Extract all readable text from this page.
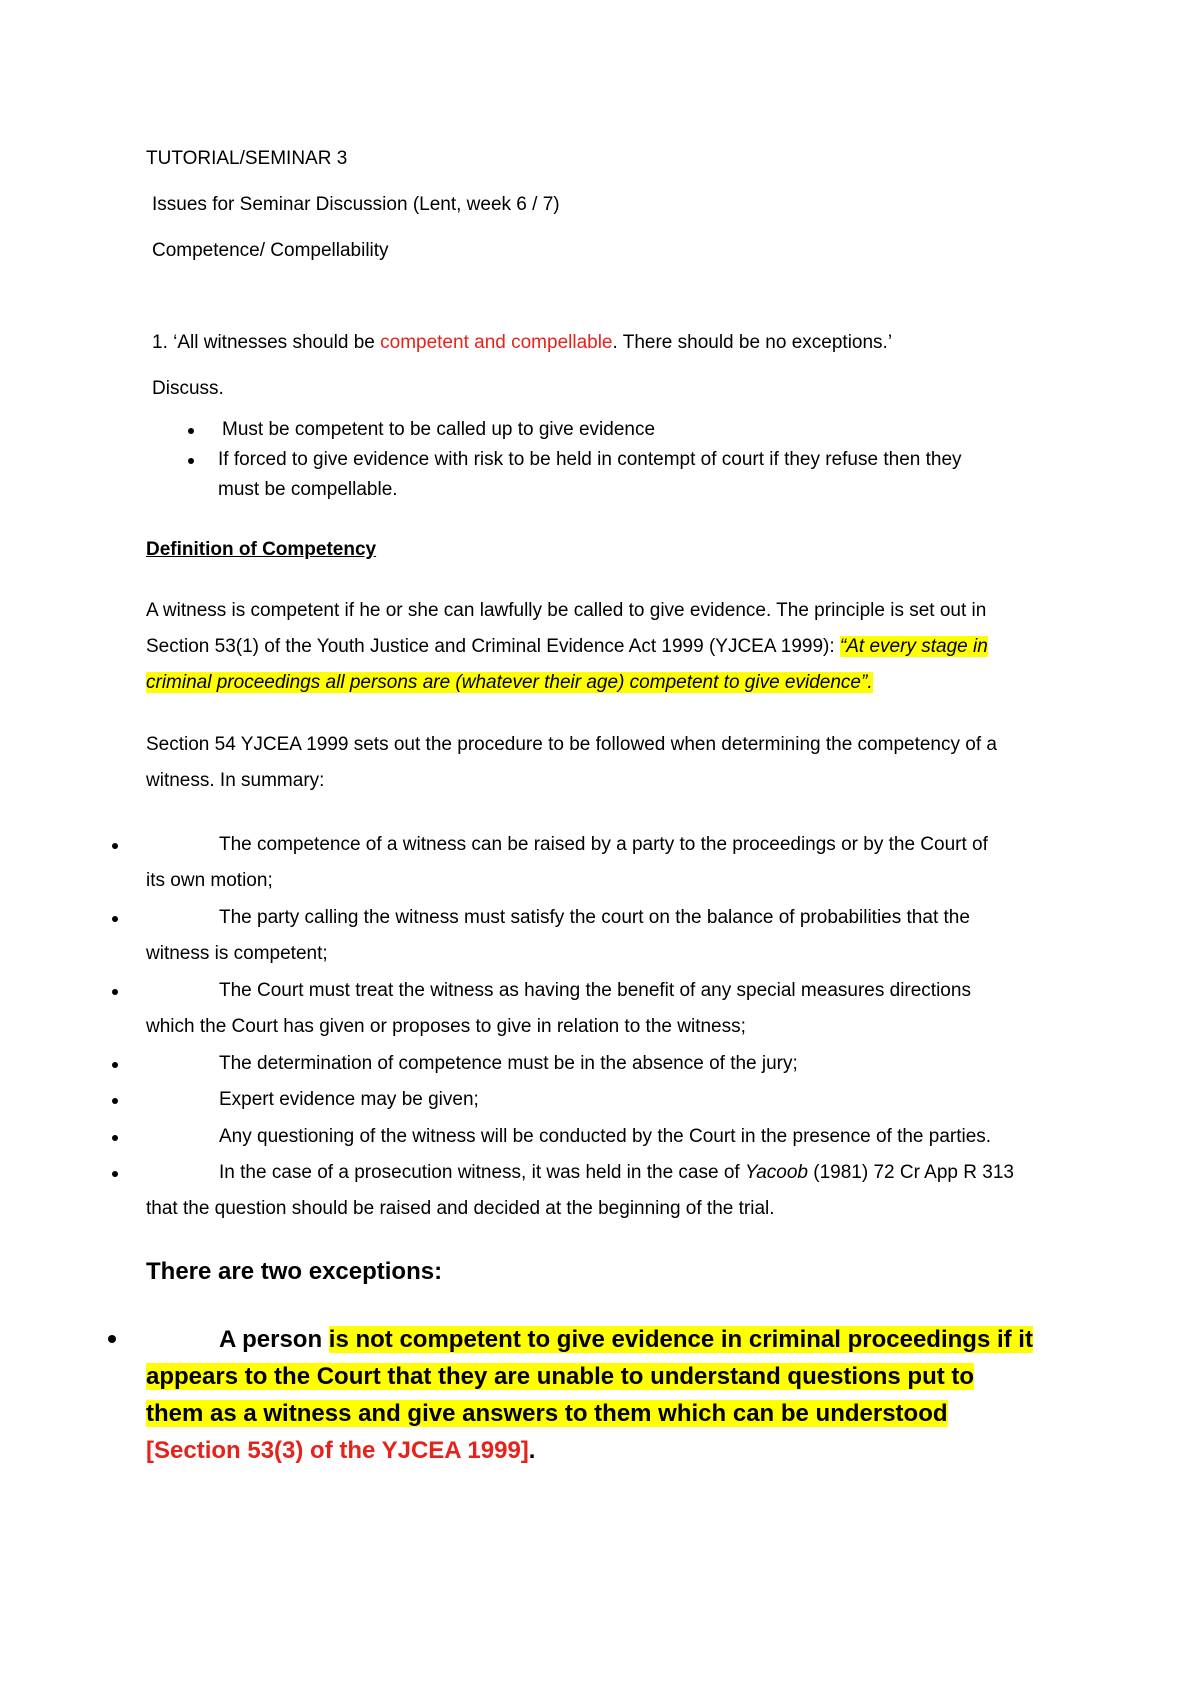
TUTORIAL/SEMINAR 3
Issues for Seminar Discussion (Lent, week 6 / 7)
Competence/ Compellability
1. ‘All witnesses should be competent and compellable. There should be no exceptions.’
Discuss.
Must be competent to be called up to give evidence
If forced to give evidence with risk to be held in contempt of court if they refuse then they
must be compellable.
Definition of Competency
A witness is competent if he or she can lawfully be called to give evidence. The principle is set out in
Section 53(1) of the Youth Justice and Criminal Evidence Act 1999 (YJCEA 1999): “At every stage in
criminal proceedings all persons are (whatever their age) competent to give evidence”.
Section 54 YJCEA 1999 sets out the procedure to be followed when determining the competency of a
witness. In summary:
The competence of a witness can be raised by a party to the proceedings or by the Court of
its own motion;
The party calling the witness must satisfy the court on the balance of probabilities that the
witness is competent;
The Court must treat the witness as having the benefit of any special measures directions
which the Court has given or proposes to give in relation to the witness;
The determination of competence must be in the absence of the jury;
Expert evidence may be given;
Any questioning of the witness will be conducted by the Court in the presence of the parties.
In the case of a prosecution witness, it was held in the case of Yacoob (1981) 72 Cr App R 313
that the question should be raised and decided at the beginning of the trial.
There are two exceptions:
A person is not competent to give evidence in criminal proceedings if it
appears to the Court that they are unable to understand questions put to
them as a witness and give answers to them which can be understood
[Section 53(3) of the YJCEA 1999].
